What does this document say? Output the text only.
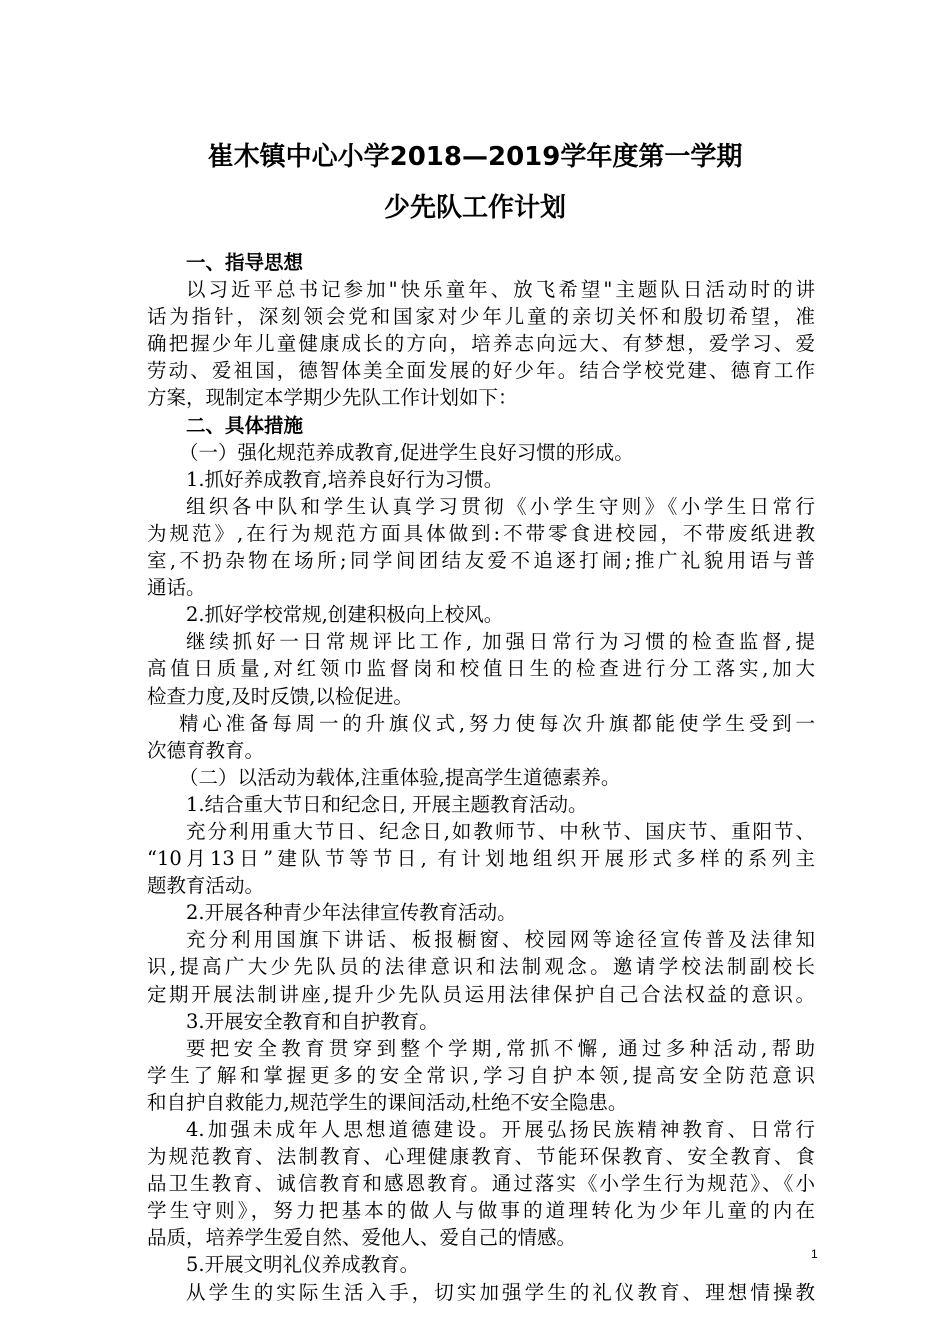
崔木镇中心小学2018—2019学年度第一学期
少先队工作计划
一、指导思想
以习近平总书记参加"快乐童年、放飞希望"主题队日活动时的讲
话为指针，深刻领会党和国家对少年儿童的亲切关怀和殷切希望，准
确把握少年儿童健康成长的方向，培养志向远大、有梦想，爱学习、爱
劳动、爱祖国，德智体美全面发展的好少年。结合学校党建、德育工作
方案，现制定本学期少先队工作计划如下：
二、具体措施
（一）强化规范养成教育,促进学生良好习惯的形成。
1.抓好养成教育,培养良好行为习惯。
组织各中队和学生认真学习贯彻《小学生守则》《小学生日常行
为规范》,在行为规范方面具体做到:不带零食进校园，不带废纸进教
室,不扔杂物在场所;同学间团结友爱不追逐打闹;推广礼貌用语与普
通话。
2.抓好学校常规,创建积极向上校风。
继续抓好一日常规评比工作, 加强日常行为习惯的检查监督,提
高值日质量,对红领巾监督岗和校值日生的检查进行分工落实,加大
检查力度,及时反馈,以检促进。
精心准备每周一的升旗仪式,努力使每次升旗都能使学生受到一
次德育教育。
（二）以活动为载体,注重体验,提高学生道德素养。
1.结合重大节日和纪念日, 开展主题教育活动。
充分利用重大节日、纪念日,如教师节、中秋节、国庆节、重阳节、
“10月13日”建队节等节日, 有计划地组织开展形式多样的系列主
题教育活动。
2.开展各种青少年法律宣传教育活动。
充分利用国旗下讲话、板报橱窗、校园网等途径宣传普及法律知
识,提高广大少先队员的法律意识和法制观念。邀请学校法制副校长
定期开展法制讲座,提升少先队员运用法律保护自己合法权益的意识。
3.开展安全教育和自护教育。
要把安全教育贯穿到整个学期,常抓不懈, 通过多种活动,帮助
学生了解和掌握更多的安全常识,学习自护本领,提高安全防范意识
和自护自救能力,规范学生的课间活动,杜绝不安全隐患。
4.加强未成年人思想道德建设。开展弘扬民族精神教育、日常行
为规范教育、法制教育、心理健康教育、节能环保教育、安全教育、食
品卫生教育、诚信教育和感恩教育。通过落实《小学生行为规范》、《小
学生守则》，努力把基本的做人与做事的道理转化为少年儿童的内在
品质，培养学生爱自然、爱他人、爱自己的情感。
5.开展文明礼仪养成教育。
从学生的实际生活入手，切实加强学生的礼仪教育、理想情操教
1
